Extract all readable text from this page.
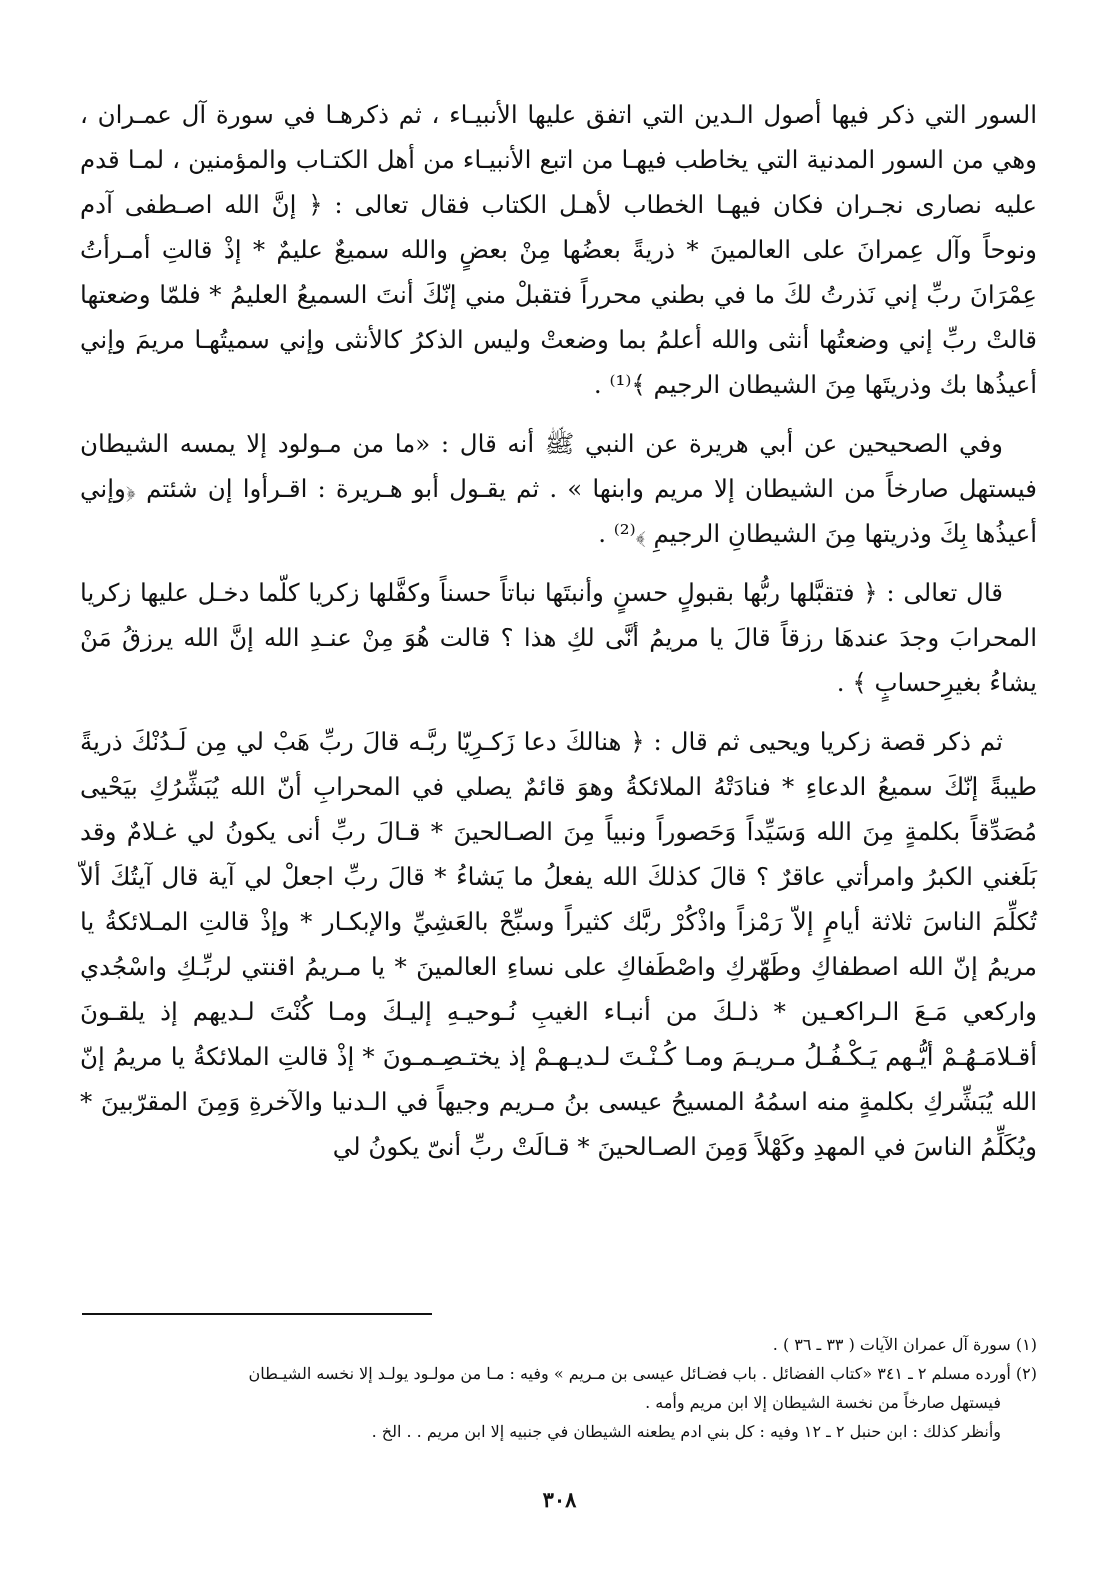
السور التي ذكر فيها أصول الـدين التي اتفق عليها الأنبيـاء ، ثم ذكرهـا في سورة آل عمـران ، وهي من السور المدنية التي يخاطب فيهـا من اتبع الأنبيـاء من أهل الكتـاب والمؤمنين ، لمـا قدم عليه نصارى نجـران فكان فيهـا الخطاب لأهـل الكتاب فقال تعالى : ﴿ إنَّ الله اصـطفى آدم ونوحاً وآل عِمرانَ على العالمينَ * ذريةً بعضُها مِنْ بعضٍ والله سميعٌ عليمٌ * إذْ قالتِ أمـرأتُ عِمْرَانَ ربِّ إني نَذرتُ لكَ ما في بطني محرراً فتقبلْ مني إنّكَ أنتَ السميعُ العليمُ * فلمّا وضعتها قالتْ ربِّ إني وضعتُها أنثى والله أعلمُ بما وضعتْ وليس الذكرُ كالأنثى وإني سميتُهـا مريمَ وإني أعيذُها بك وذريتَها مِنَ الشيطان الرجيم ﴾⁽¹⁾ .

وفي الصحيحين عن أبي هريرة عن النبي ﷺ أنه قال : «ما من مـولود إلا يمسه الشيطان فيستهل صارخاً من الشيطان إلا مريم وابنها » . ثم يقـول أبو هـريرة : اقـرأوا إن شئتم ﴿وإني أعيذُها بِكَ وذريتها مِنَ الشيطانِ الرجيمِ ﴾⁽²⁾ .

قال تعالى : ﴿ فتقبَّلها ربُّها بقبولٍ حسنٍ وأنبتَها نباتاً حسناً وكفَّلها زكريا كلّما دخـل عليها زكريا المحرابَ وجدَ عندهَا رزقاً قالَ يا مريمُ أنَّى لكِ هذا ؟ قالت هُوَ مِنْ عنـدِ الله إنَّ الله يرزقُ مَنْ يشاءُ بغيرِحسابٍ ﴾ .

ثم ذكر قصة زكريا ويحيى ثم قال : ﴿ هنالكَ دعا زَكـرِيّا ربَّـه قالَ ربِّ هَبْ لي مِن لَـدُنْكَ ذريةً طيبةً إنّكَ سميعُ الدعاءِ * فنادَتْهُ الملائكةُ وهوَ قائمٌ يصلي في المحرابِ أنّ الله يُبَشِّرُكِ بيَحْيى مُصَدِّقاً بكلمةٍ مِنَ الله وَسَيِّداً وَحَصوراً ونبياً مِنَ الصـالحينَ * قـالَ ربِّ أنى يكونُ لي غـلامٌ وقد بَلَغني الكبرُ وامرأتي عاقرٌ ؟ قالَ كذلكَ الله يفعلُ ما يَشاءُ * قالَ ربِّ اجعلْ لي آية قال آيتُكَ ألاّ تُكلِّمَ الناسَ ثلاثة أيامٍ إلاّ رَمْزاً واذْكُرْ ربَّك كثيراً وسبِّحْ بالعَشِيِّ والإبكـار * وإذْ قالتِ المـلائكةُ يا مريمُ إنّ الله اصطفاكِ وطَهّركِ واصْطَفاكِ على نساءِ العالمينَ * يا مـريمُ اقنتي لربِّـكِ واسْجُدي واركعي مَـعَ الـراكعـين * ذلـكَ من أنبـاء الغيبِ نُـوحيـهِ إليـكَ ومـا كُنْتَ لـديهم إذ يلقـونَ أقـلامَـهُـمْ أيُّـهم يَـكْـفُـلُ مـريـمَ ومـا كُـنْـتَ لـديـهـمْ إذ يختـصِـمـونَ * إذْ قالتِ الملائكةُ يا مريمُ إنّ الله يُبَشِّركِ بكلمةٍ منه اسمُهُ المسيحُ عيسى بنُ مـريم وجيهاً في الـدنيا والآخرةِ وَمِنَ المقرّبينَ * ويُكَلِّمُ الناسَ في المهدِ وكَهْلاً وَمِنَ الصـالحينَ * قـالَتْ ربِّ أنىّ يكونُ لي

(١) سورة آل عمران الآيات ( ٣٣ ـ ٣٦ ) .

(٢) أورده مسلم ٢ ـ ٣٤١ «كتاب الفضائل . باب فضـائل عيسى بن مـريم » وفيه : مـا من مولـود يولـد إلا نخسه الشيـطان

فيستهل صارخاً من نخسة الشيطان إلا ابن مريم وأمه .

وأنظر كذلك : ابن حنبل ٢ ـ ١٢ وفيه : كل بني ادم يطعنه الشيطان في جنبيه إلا ابن مريم . . الخ .

٣٠٨
